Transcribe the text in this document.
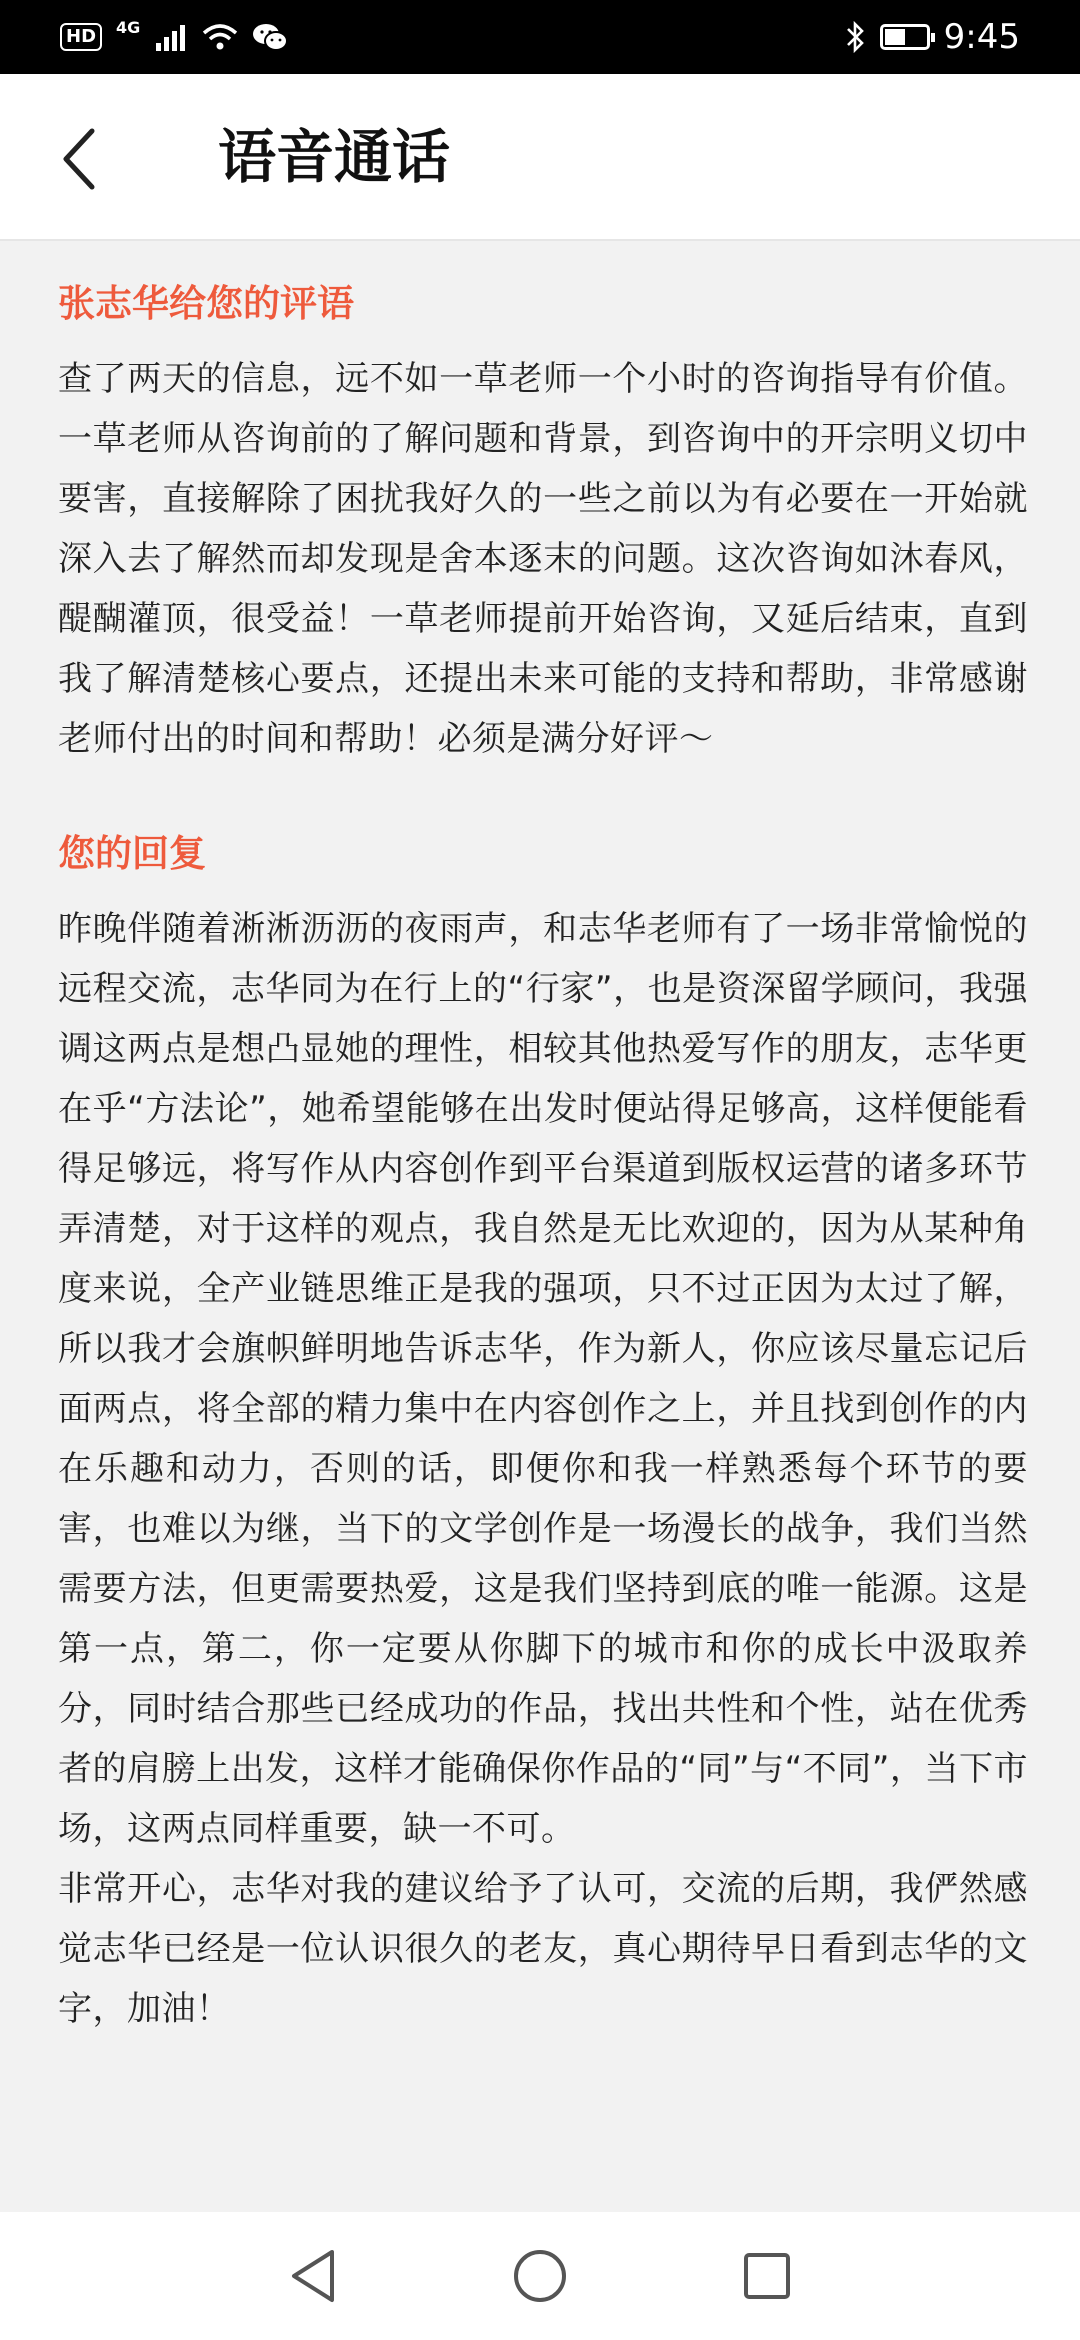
HD	4G	9:45
语音通话
张志华给您的评语
查了两天的信息，远不如一草老师一个小时的咨询指导有价值。一草老师从咨询前的了解问题和背景，到咨询中的开宗明义切中要害，直接解除了困扰我好久的一些之前以为有必要在一开始就深入去了解然而却发现是舍本逐末的问题。这次咨询如沐春风，醍醐灌顶，很受益！一草老师提前开始咨询，又延后结束，直到我了解清楚核心要点，还提出未来可能的支持和帮助，非常感谢老师付出的时间和帮助！必须是满分好评～
您的回复
昨晚伴随着淅淅沥沥的夜雨声，和志华老师有了一场非常愉悦的远程交流，志华同为在行上的“行家”，也是资深留学顾问，我强调这两点是想凸显她的理性，相较其他热爱写作的朋友，志华更在乎“方法论”，她希望能够在出发时便站得足够高，这样便能看得足够远，将写作从内容创作到平台渠道到版权运营的诸多环节弄清楚，对于这样的观点，我自然是无比欢迎的，因为从某种角度来说，全产业链思维正是我的强项，只不过正因为太过了解，所以我才会旗帜鲜明地告诉志华，作为新人，你应该尽量忘记后面两点，将全部的精力集中在内容创作之上，并且找到创作的内在乐趣和动力，否则的话，即便你和我一样熟悉每个环节的要害，也难以为继，当下的文学创作是一场漫长的战争，我们当然需要方法，但更需要热爱，这是我们坚持到底的唯一能源。这是第一点，第二，你一定要从你脚下的城市和你的成长中汲取养分，同时结合那些已经成功的作品，找出共性和个性，站在优秀者的肩膀上出发，这样才能确保你作品的“同”与“不同”，当下市场，这两点同样重要，缺一不可。
非常开心，志华对我的建议给予了认可，交流的后期，我俨然感觉志华已经是一位认识很久的老友，真心期待早日看到志华的文字，加油！
